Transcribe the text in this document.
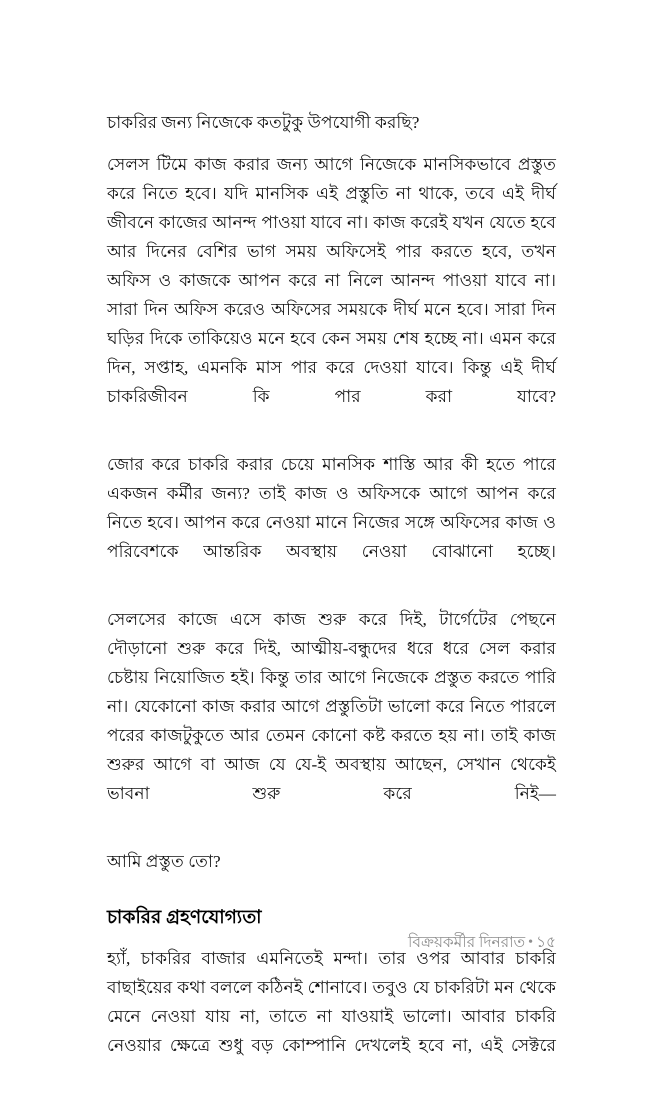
চাকরির জন্য নিজেকে কতটুকু উপযোগী করছি?

সেলস টিমে কাজ করার জন্য আগে নিজেকে মানসিকভাবে প্রস্তুত করে নিতে হবে। যদি মানসিক এই প্রস্তুতি না থাকে, তবে এই দীর্ঘ জীবনে কাজের আনন্দ পাওয়া যাবে না। কাজ করেই যখন যেতে হবে আর দিনের বেশির ভাগ সময় অফিসেই পার করতে হবে, তখন অফিস ও কাজকে আপন করে না নিলে আনন্দ পাওয়া যাবে না। সারা দিন অফিস করেও অফিসের সময়কে দীর্ঘ মনে হবে। সারা দিন ঘড়ির দিকে তাকিয়েও মনে হবে কেন সময় শেষ হচ্ছে না। এমন করে দিন, সপ্তাহ, এমনকি মাস পার করে দেওয়া যাবে। কিন্তু এই দীর্ঘ চাকরিজীবন কি পার করা যাবে?

জোর করে চাকরি করার চেয়ে মানসিক শাস্তি আর কী হতে পারে একজন কর্মীর জন্য? তাই কাজ ও অফিসকে আগে আপন করে নিতে হবে। আপন করে নেওয়া মানে নিজের সঙ্গে অফিসের কাজ ও পরিবেশকে আন্তরিক অবস্থায় নেওয়া বোঝানো হচ্ছে।

সেলসের কাজে এসে কাজ শুরু করে দিই, টার্গেটের পেছনে দৌড়ানো শুরু করে দিই, আত্মীয়-বন্ধুদের ধরে ধরে সেল করার চেষ্টায় নিয়োজিত হই। কিন্তু তার আগে নিজেকে প্রস্তুত করতে পারি না। যেকোনো কাজ করার আগে প্রস্তুতিটা ভালো করে নিতে পারলে পরের কাজটুকুতে আর তেমন কোনো কষ্ট করতে হয় না। তাই কাজ শুরুর আগে বা আজ যে যে-ই অবস্থায় আছেন, সেখান থেকেই ভাবনা শুরু করে নিই—

আমি প্রস্তুত তো?

চাকরির গ্রহণযোগ্যতা

হ্যাঁ, চাকরির বাজার এমনিতেই মন্দা। তার ওপর আবার চাকরি বাছাইয়ের কথা বললে কঠিনই শোনাবে। তবুও যে চাকরিটা মন থেকে মেনে নেওয়া যায় না, তাতে না যাওয়াই ভালো। আবার চাকরি নেওয়ার ক্ষেত্রে শুধু বড় কোম্পানি দেখলেই হবে না, এই সেক্টরে

বিক্রয়কর্মীর দিনরাত • ১৫
